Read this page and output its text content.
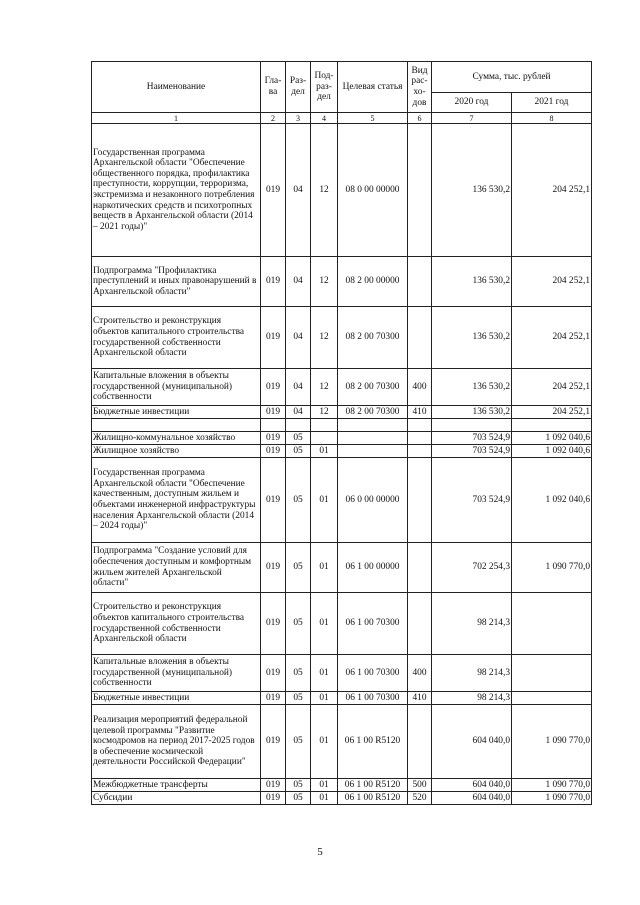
Наименование	Гла-ва	Раз-дел	Под-раз-дел	Целевая статья	Вид рас-хо-дов	Сумма, тыс. рублей	
						2020 год	2021 год
1	2	3	4	5	6	7	8
Государственная программа Архангельской области "Обеспечение общественного порядка, профилактика преступности, коррупции, терроризма, экстремизма и незаконного потребления наркотических средств и психотропных веществ в Архангельской области (2014 – 2021 годы)"	019	04	12	08 0 00 00000		136 530,2	204 252,1
Подпрограмма "Профилактика преступлений и иных правонарушений в Архангельской области"	019	04	12	08 2 00 00000		136 530,2	204 252,1
Строительство и реконструкция объектов капитального строительства государственной собственности Архангельской области	019	04	12	08 2 00 70300		136 530,2	204 252,1
Капитальные вложения в объекты государственной (муниципальной) собственности	019	04	12	08 2 00 70300	400	136 530,2	204 252,1
Бюджетные инвестиции	019	04	12	08 2 00 70300	410	136 530,2	204 252,1

Жилищно-коммунальное хозяйство	019	05				703 524,9	1 092 040,6
Жилищное хозяйство	019	05	01			703 524,9	1 092 040,6
Государственная программа Архангельской области "Обеспечение качественным, доступным жильем и объектами инженерной инфраструктуры населения Архангельской области (2014 – 2024 годы)"	019	05	01	06 0 00 00000		703 524,9	1 092 040,6
Подпрограмма "Создание условий для обеспечения доступным и комфортным жильем жителей Архангельской области"	019	05	01	06 1 00 00000		702 254,3	1 090 770,0
Строительство и реконструкция объектов капитального строительства государственной собственности Архангельской области	019	05	01	06 1 00 70300		98 214,3	
Капитальные вложения в объекты государственной (муниципальной) собственности	019	05	01	06 1 00 70300	400	98 214,3	
Бюджетные инвестиции	019	05	01	06 1 00 70300	410	98 214,3	
Реализация мероприятий федеральной целевой программы "Развитие космодромов на период 2017-2025 годов в обеспечение космической деятельности Российской Федерации"	019	05	01	06 1 00 R5120		604 040,0	1 090 770,0
Межбюджетные трансферты	019	05	01	06 1 00 R5120	500	604 040,0	1 090 770,0
Субсидии	019	05	01	06 1 00 R5120	520	604 040,0	1 090 770,0
5
